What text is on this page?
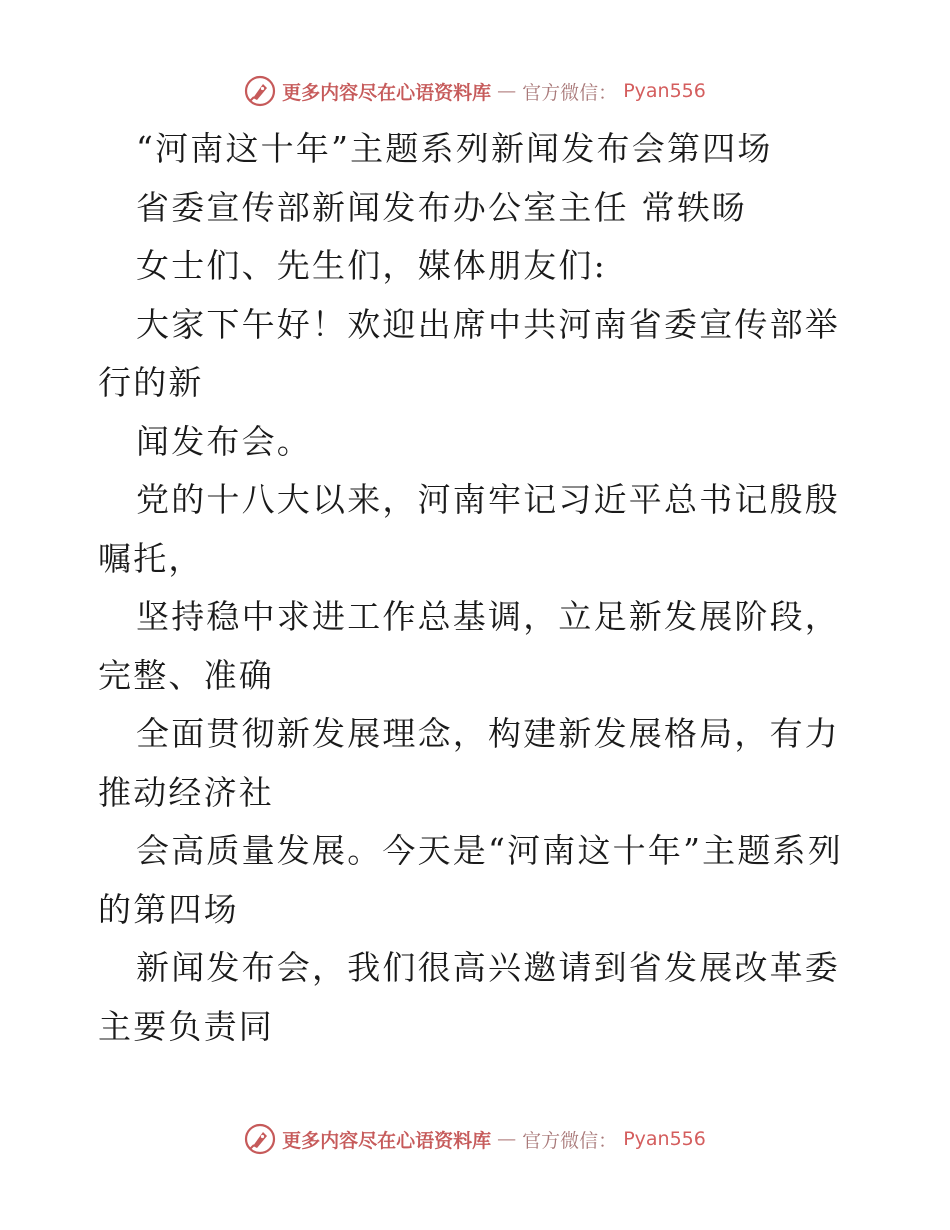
更多内容尽在心语资料库 — 官方微信： Pyan556

“河南这十年”主题系列新闻发布会第四场

省委宣传部新闻发布办公室主任 常轶旸

女士们、先生们，媒体朋友们:

大家下午好！欢迎出席中共河南省委宣传部举行的新

闻发布会。

党的十八大以来，河南牢记习近平总书记殷殷嘱托，

坚持稳中求进工作总基调，立足新发展阶段，完整、准确

全面贯彻新发展理念，构建新发展格局，有力推动经济社

会高质量发展。今天是“河南这十年”主题系列的第四场

新闻发布会，我们很高兴邀请到省发展改革委主要负责同

更多内容尽在心语资料库 — 官方微信： Pyan556
